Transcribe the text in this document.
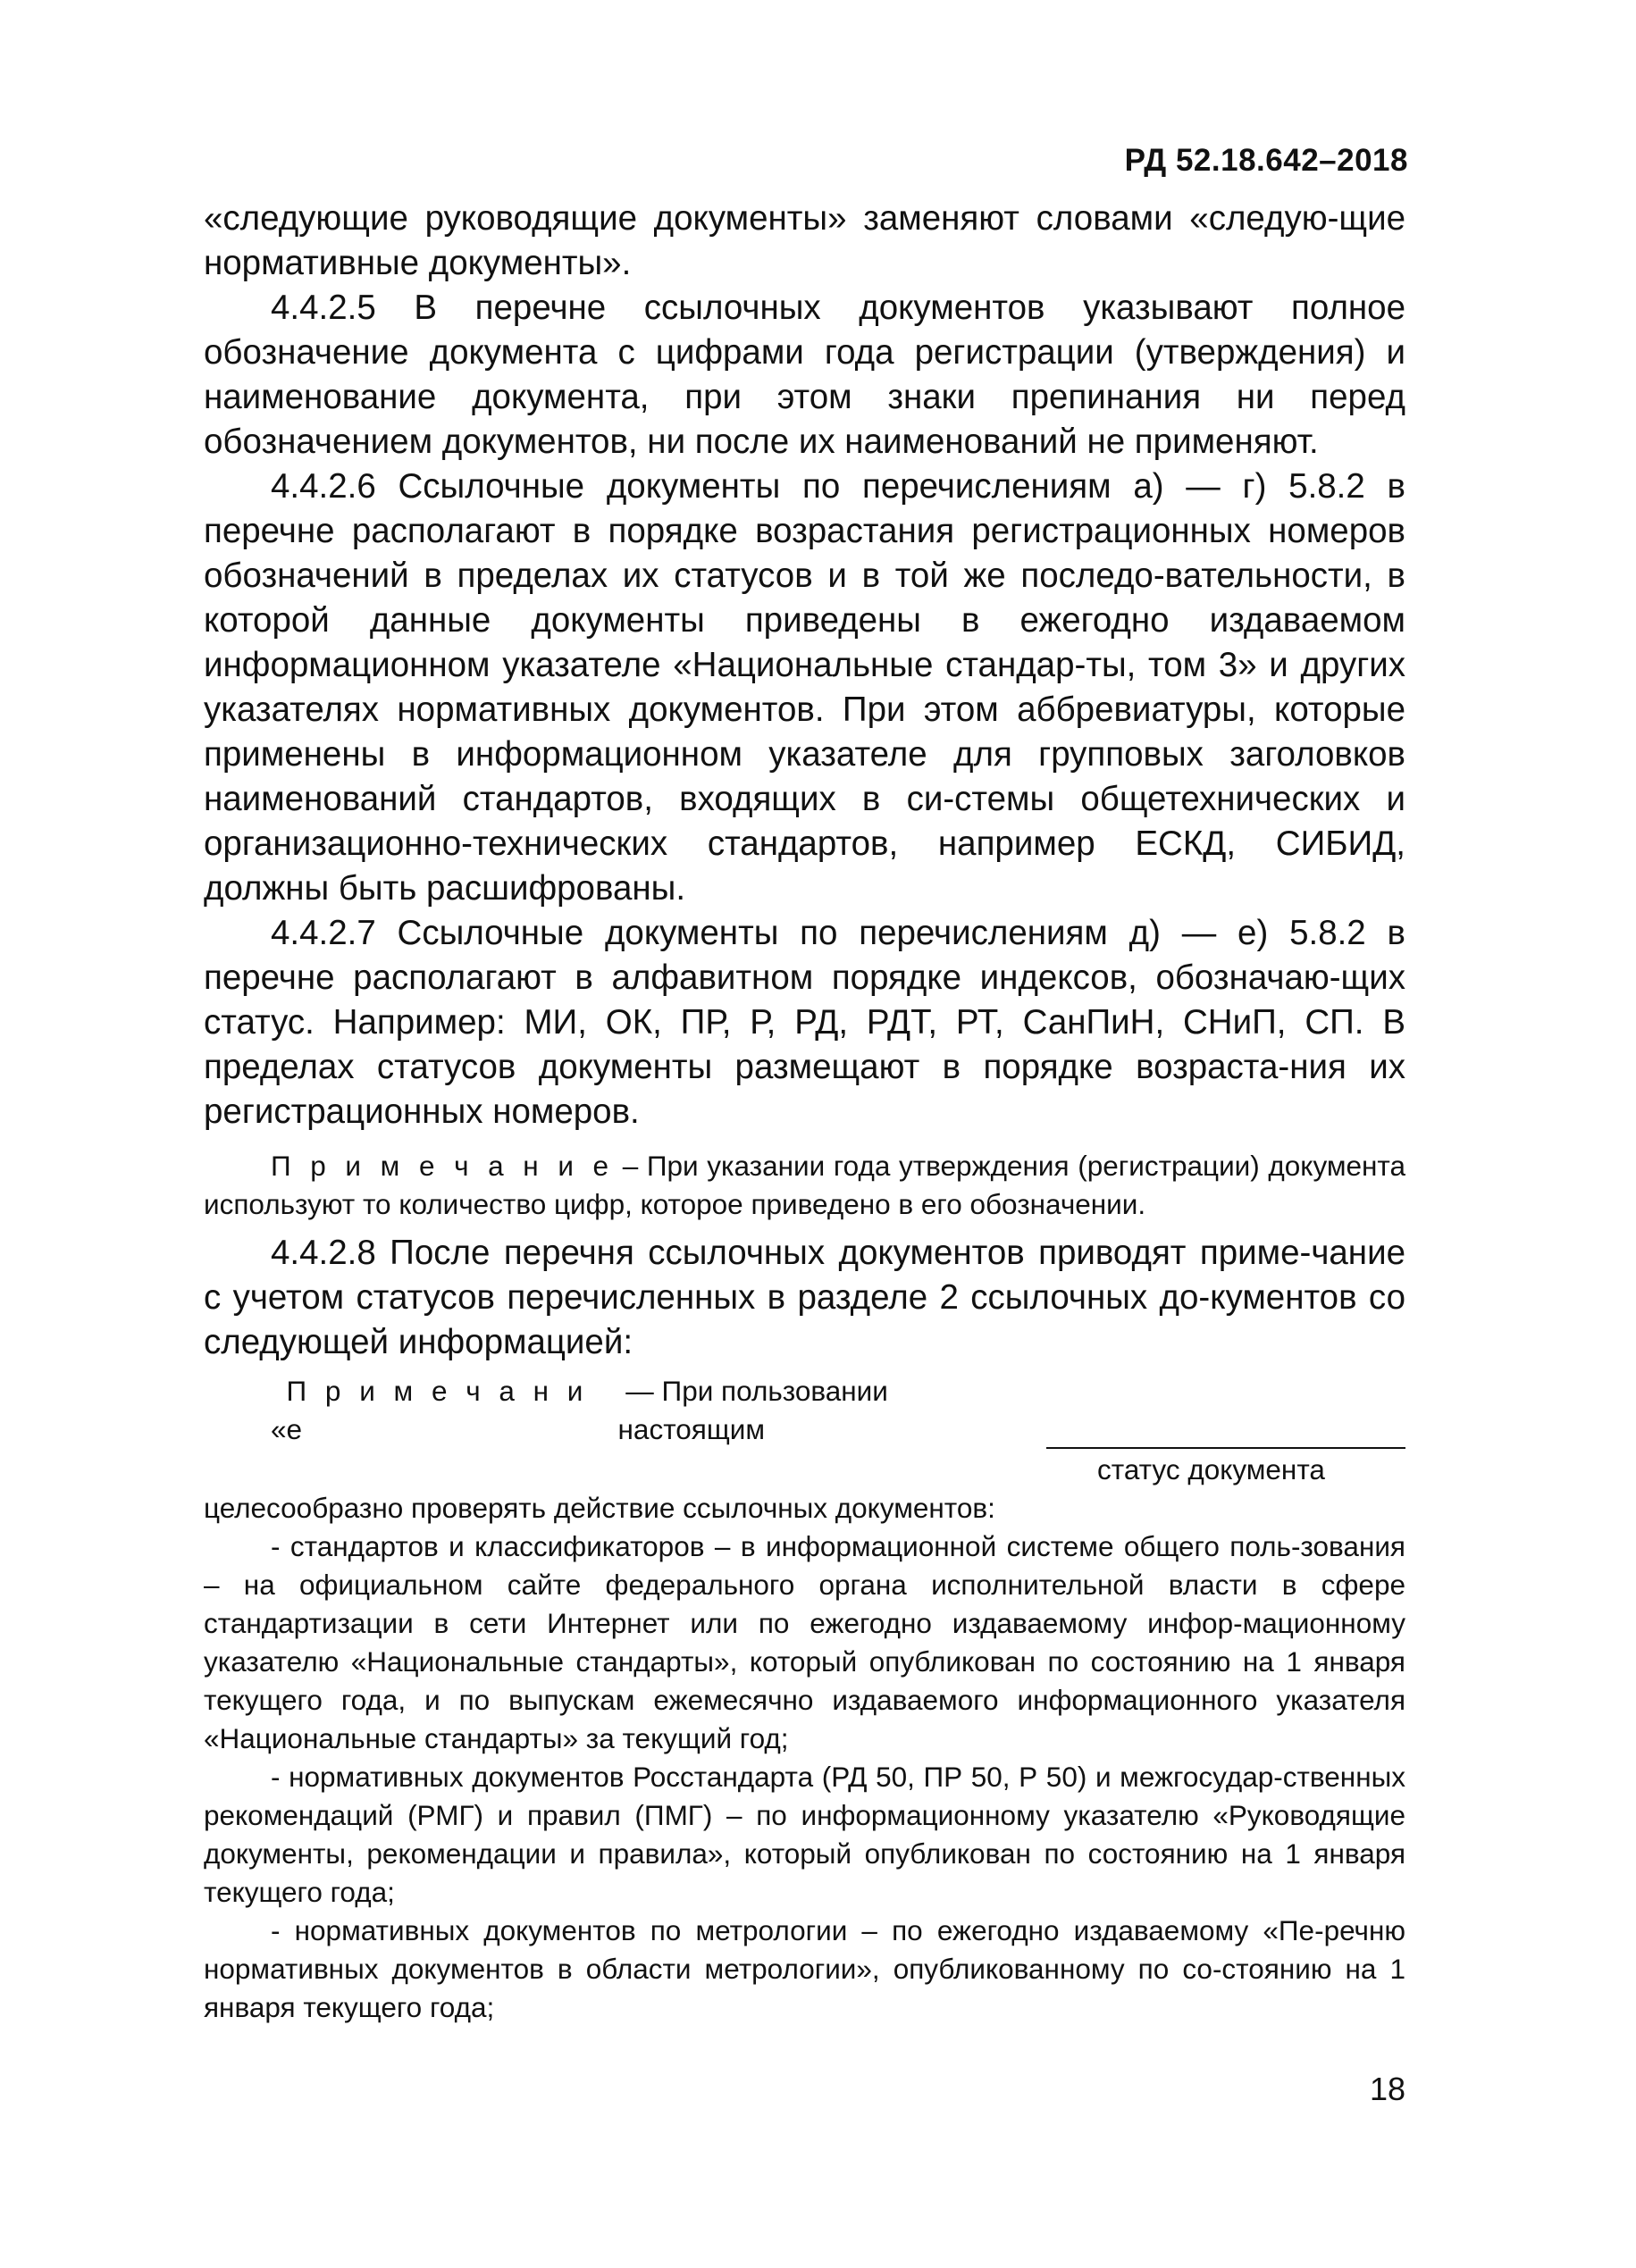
РД 52.18.642–2018

«следующие руководящие документы» заменяют словами «следую-щие нормативные документы».

4.4.2.5 В перечне ссылочных документов указывают полное обозначение документа с цифрами года регистрации (утверждения) и наименование документа, при этом знаки препинания ни перед обозначением документов, ни после их наименований не применяют.

4.4.2.6 Ссылочные документы по перечислениям а) — г) 5.8.2 в перечне располагают в порядке возрастания регистрационных номеров обозначений в пределах их статусов и в той же последо-вательности, в которой данные документы приведены в ежегодно издаваемом информационном указателе «Национальные стандар-ты, том 3» и других указателях нормативных документов. При этом аббревиатуры, которые применены в информационном указателе для групповых заголовков наименований стандартов, входящих в си-стемы общетехнических и организационно-технических стандартов, например ЕСКД, СИБИД, должны быть расшифрованы.

4.4.2.7 Ссылочные документы по перечислениям д) — е) 5.8.2 в перечне располагают в алфавитном порядке индексов, обозначаю-щих статус. Например: МИ, ОК, ПР, Р, РД, РДТ, РТ, СанПиН, СНиП, СП. В пределах статусов документы размещают в порядке возраста-ния их регистрационных номеров.

П р и м е ч а н и е – При указании года утверждения (регистрации) документа используют то количество цифр, которое приведено в его обозначении.

4.4.2.8 После перечня ссылочных документов приводят приме-чание с учетом статусов перечисленных в разделе 2 ссылочных до-кументов со следующей информацией:

«
П р и м е ч а н и е
— При пользовании настоящим

статус документа

целесообразно проверять действие ссылочных документов:

- стандартов и классификаторов – в информационной системе общего поль-зования – на официальном сайте федерального органа исполнительной власти в сфере стандартизации в сети Интернет или по ежегодно издаваемому инфор-мационному указателю «Национальные стандарты», который опубликован по состоянию на 1 января текущего года, и по выпускам ежемесячно издаваемого информационного указателя «Национальные стандарты» за текущий год;

- нормативных документов Росстандарта (РД 50, ПР 50, Р 50) и межгосудар-ственных рекомендаций (РМГ) и правил (ПМГ) – по информационному указателю «Руководящие документы, рекомендации и правила», который опубликован по состоянию на 1 января текущего года;

- нормативных документов по метрологии – по ежегодно издаваемому «Пе-речню нормативных документов в области метрологии», опубликованному по со-стоянию на 1 января текущего года;

18
